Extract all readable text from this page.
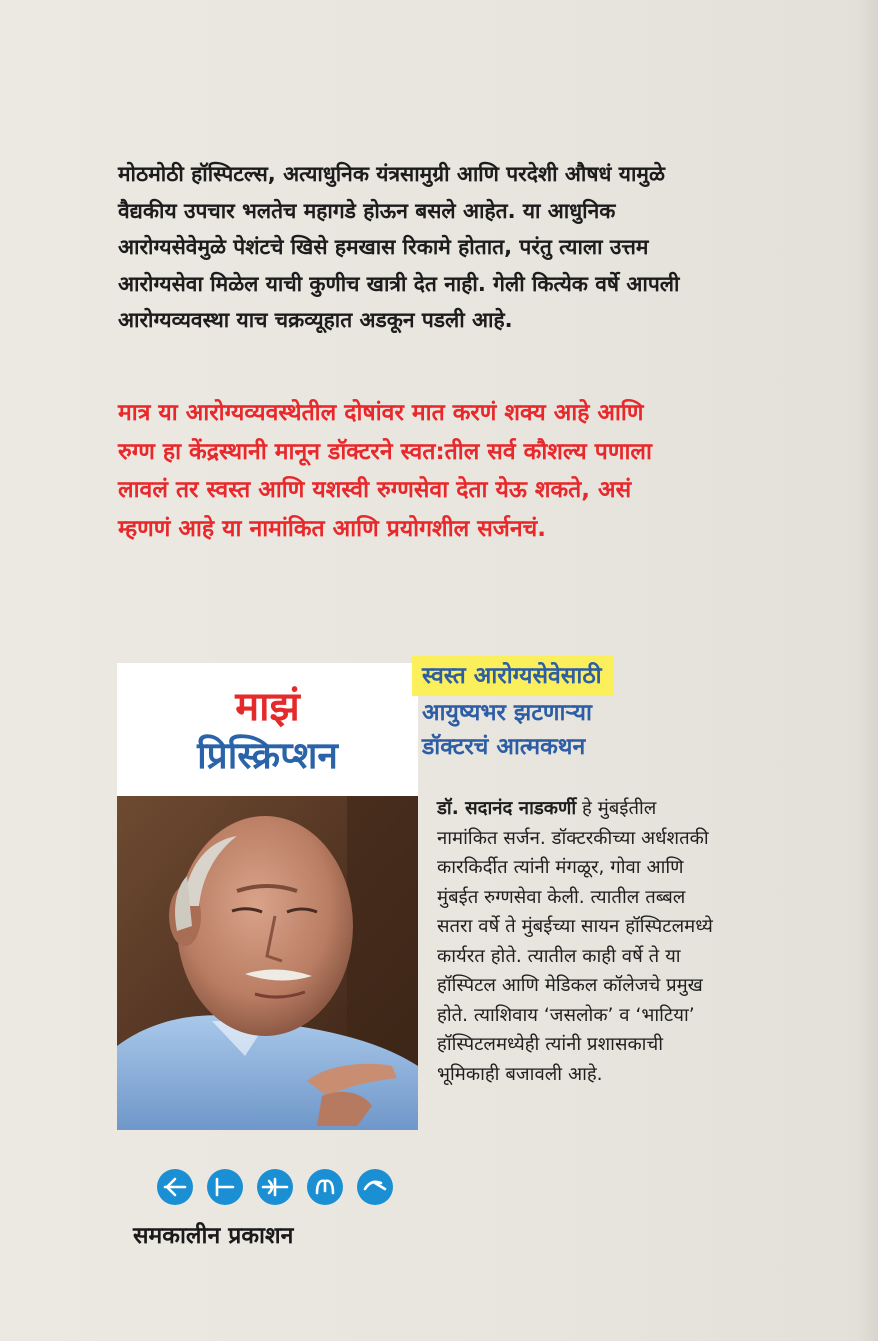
मोठमोठी हॉस्पिटल्स, अत्याधुनिक यंत्रसामुग्री आणि परदेशी औषधं यामुळे
वैद्यकीय उपचार भलतेच महागडे होऊन बसले आहेत. या आधुनिक
आरोग्यसेवेमुळे पेशंटचे खिसे हमखास रिकामे होतात, परंतु त्याला उत्तम
आरोग्यसेवा मिळेल याची कुणीच खात्री देत नाही. गेली कित्येक वर्षे आपली
आरोग्यव्यवस्था याच चक्रव्यूहात अडकून पडली आहे.

मात्र या आरोग्यव्यवस्थेतील दोषांवर मात करणं शक्य आहे आणि
रुग्ण हा केंद्रस्थानी मानून डॉक्टरने स्वत:तील सर्व कौशल्य पणाला
लावलं तर स्वस्त आणि यशस्वी रुग्णसेवा देता येऊ शकते, असं
म्हणणं आहे या नामांकित आणि प्रयोगशील सर्जनचं.

माझं
प्रिस्क्रिप्शन
स्वस्त आरोग्यसेवेसाठी
आयुष्यभर झटणाऱ्या
डॉक्टरचं आत्मकथन
डॉ. सदानंद नाडकर्णी हे मुंबईतील
नामांकित सर्जन. डॉक्टरकीच्या अर्धशतकी
कारकिर्दीत त्यांनी मंगळूर, गोवा आणि
मुंबईत रुग्णसेवा केली. त्यातील तब्बल
सतरा वर्षे ते मुंबईच्या सायन हॉस्पिटलमध्ये
कार्यरत होते. त्यातील काही वर्षे ते या
हॉस्पिटल आणि मेडिकल कॉलेजचे प्रमुख
होते. त्याशिवाय ‘जसलोक’ व ‘भाटिया’
हॉस्पिटलमध्येही त्यांनी प्रशासकाची
भूमिकाही बजावली आहे.
समकालीन प्रकाशन
